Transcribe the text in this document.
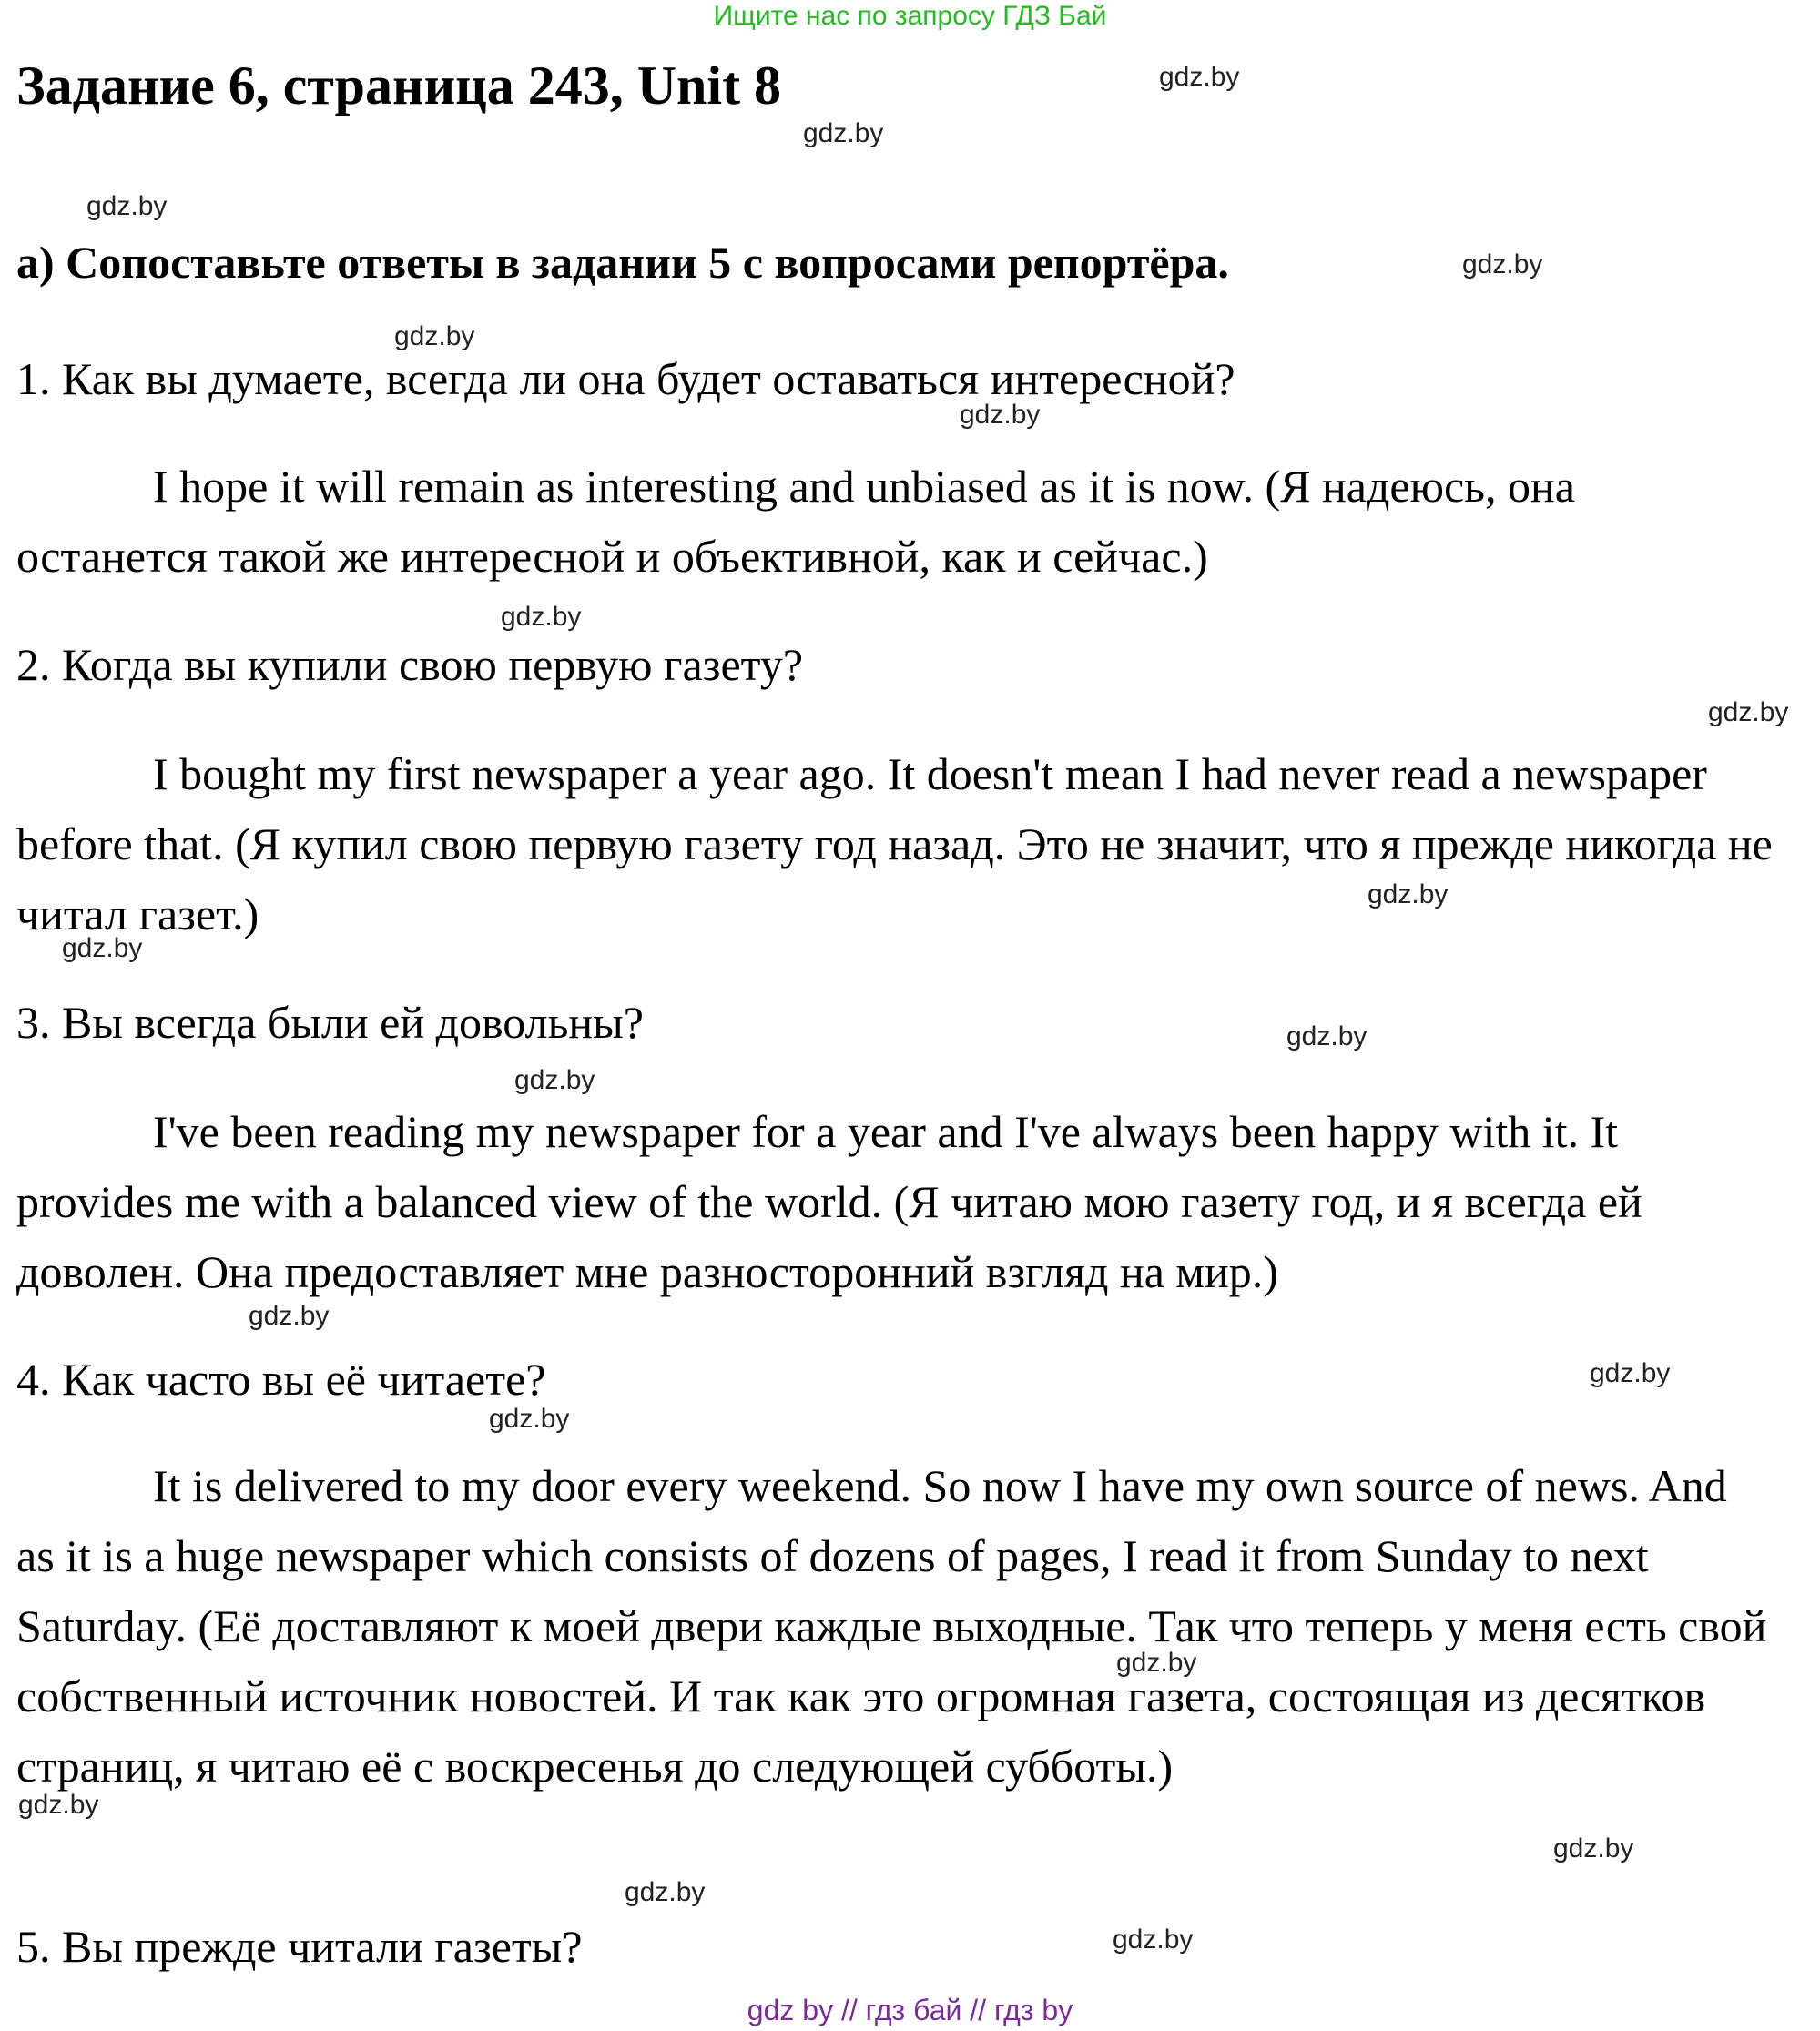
Ищите нас по запросу ГДЗ Бай
Задание 6, страница 243, Unit 8
a) Сопоставьте ответы в задании 5 с вопросами репортёра.
1. Как вы думаете, всегда ли она будет оставаться интересной?
I hope it will remain as interesting and unbiased as it is now. (Я надеюсь, она останется такой же интересной и объективной, как и сейчас.)
2. Когда вы купили свою первую газету?
I bought my first newspaper a year ago. It doesn't mean I had never read a newspaper before that. (Я купил свою первую газету год назад. Это не значит, что я прежде никогда не читал газет.)
3. Вы всегда были ей довольны?
I've been reading my newspaper for a year and I've always been happy with it. It provides me with a balanced view of the world. (Я читаю мою газету год, и я всегда ей доволен. Она предоставляет мне разносторонний взгляд на мир.)
4. Как часто вы её читаете?
It is delivered to my door every weekend. So now I have my own source of news. And as it is a huge newspaper which consists of dozens of pages, I read it from Sunday to next Saturday. (Её доставляют к моей двери каждые выходные. Так что теперь у меня есть свой собственный источник новостей. И так как это огромная газета, состоящая из десятков страниц, я читаю её с воскресенья до следующей субботы.)
5. Вы прежде читали газеты?
gdz.by
gdz.by
gdz.by
gdz.by
gdz.by
gdz.by
gdz.by
gdz.by
gdz.by
gdz.by
gdz.by
gdz.by
gdz.by
gdz.by
gdz.by
gdz.by
gdz.by
gdz.by
gdz.by
gdz.by
gdz by // гдз бай // гдз by
